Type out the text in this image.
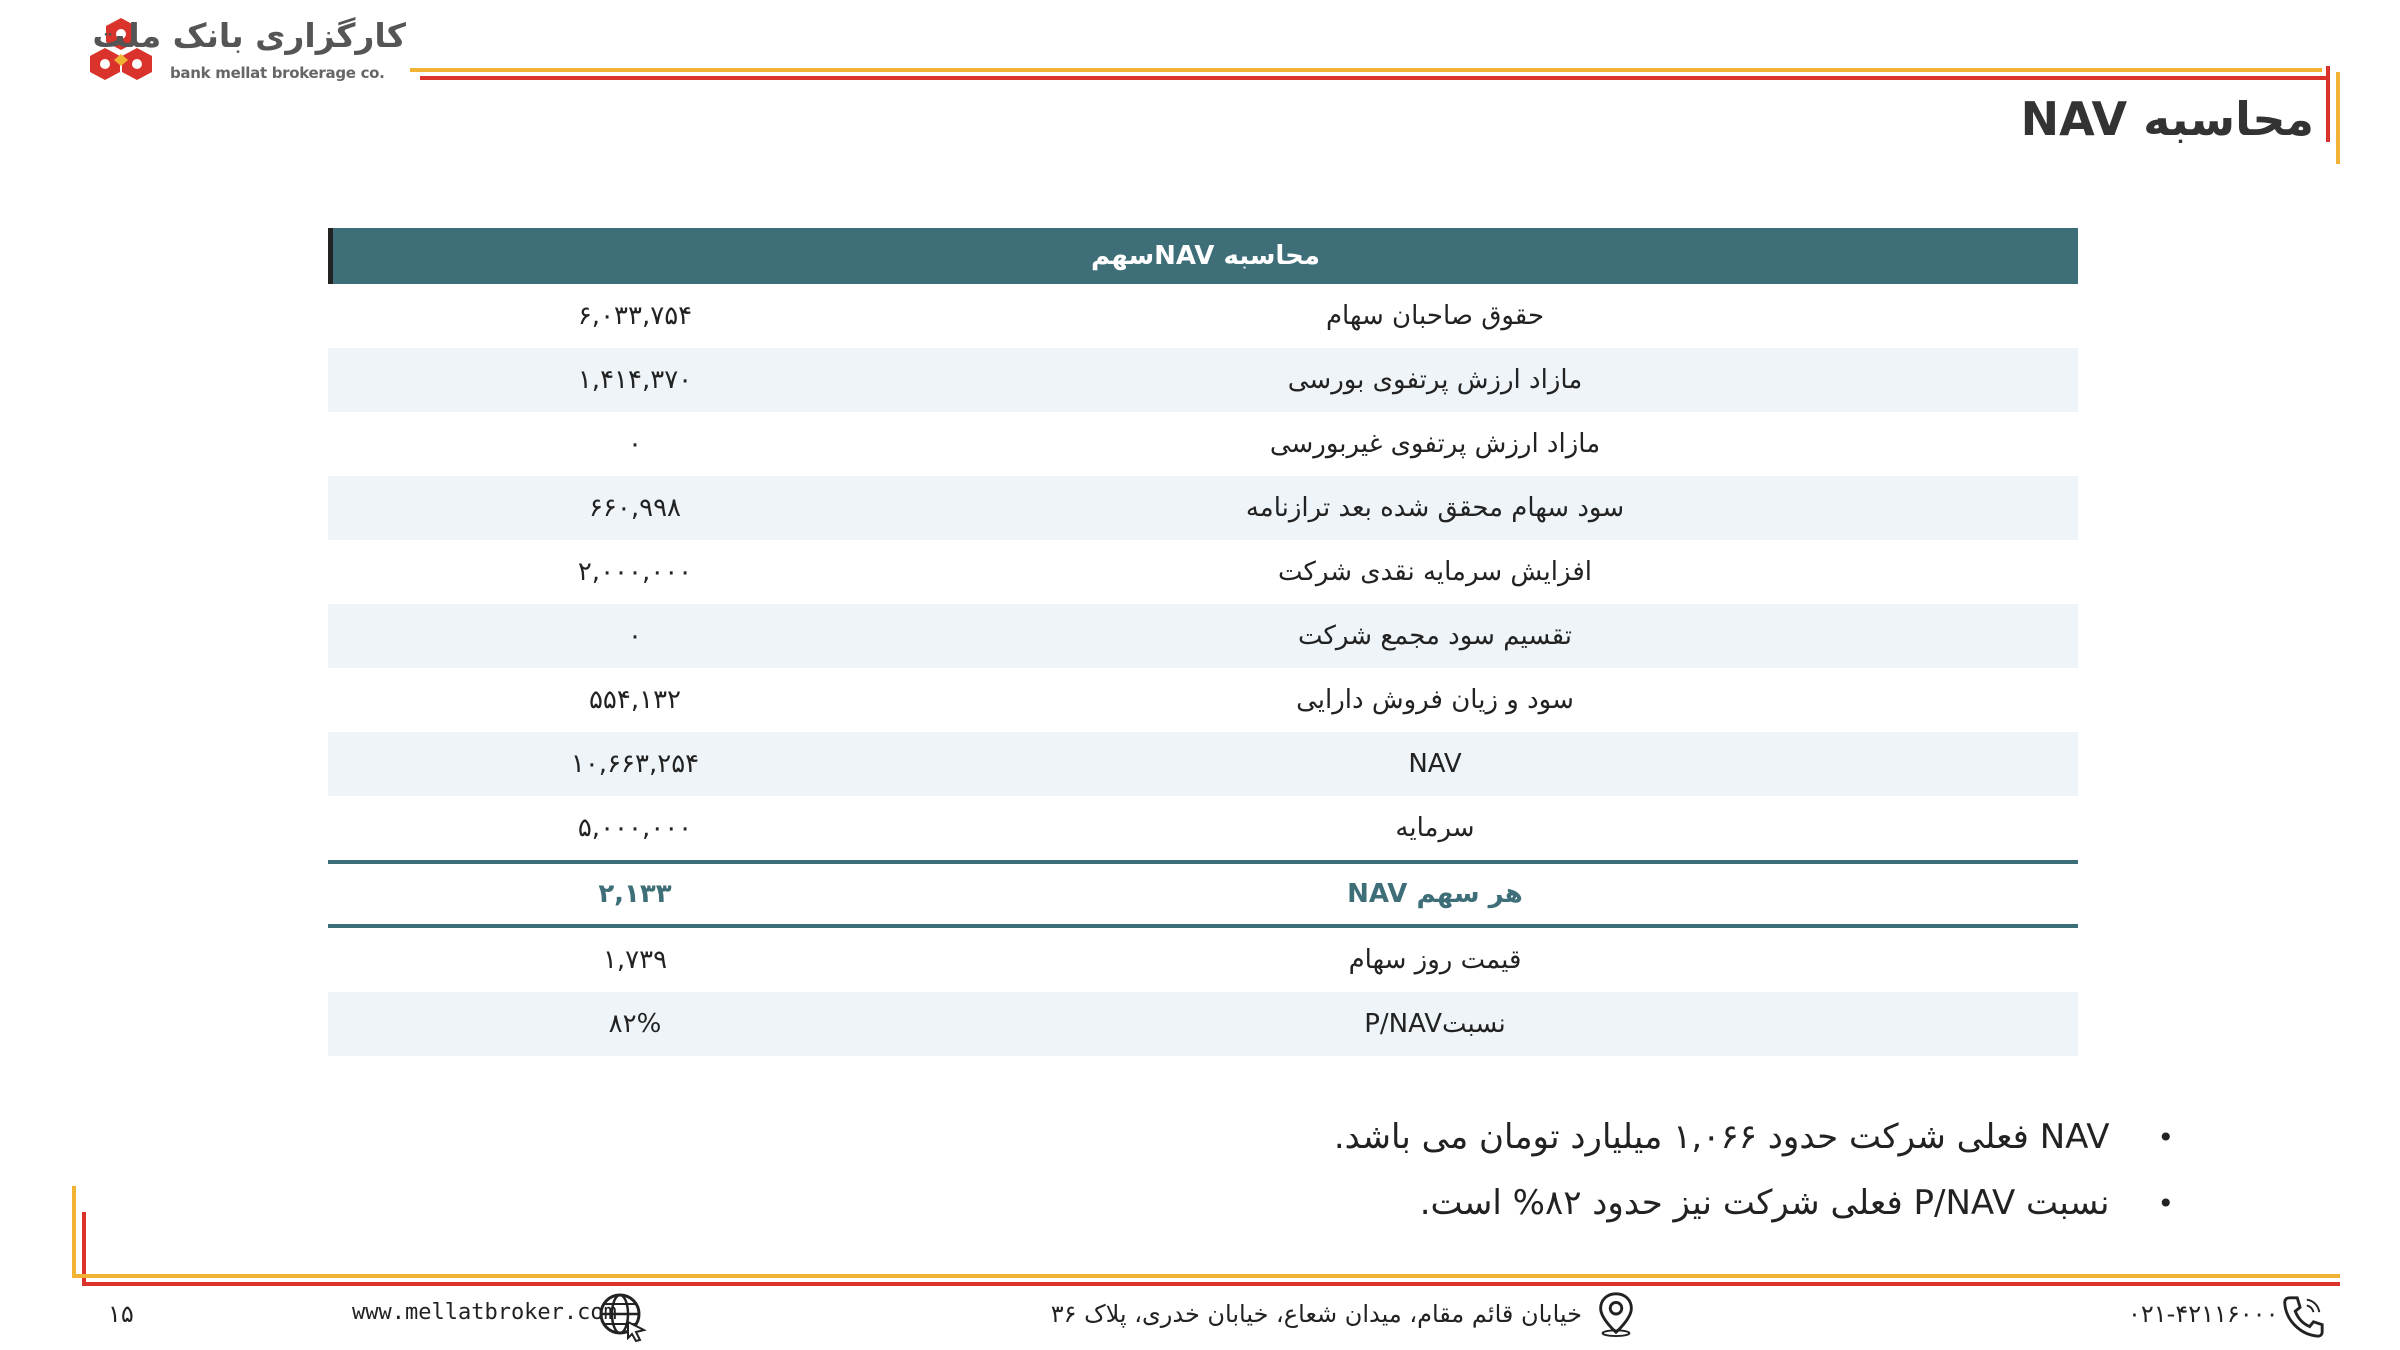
کارگزاری بانک ملت
bank mellat brokerage co.
محاسبه NAV
محاسبه NAVسهم
۶,۰۳۳,۷۵۴	حقوق صاحبان سهام
۱,۴۱۴,۳۷۰	مازاد ارزش پرتفوی بورسی
۰	مازاد ارزش پرتفوی غیربورسی
۶۶۰,۹۹۸	سود سهام محقق شده بعد ترازنامه
۲,۰۰۰,۰۰۰	افزایش سرمایه نقدی شرکت
۰	تقسیم سود مجمع شرکت
۵۵۴,۱۳۲	سود و زیان فروش دارایی
۱۰,۶۶۳,۲۵۴	NAV
۵,۰۰۰,۰۰۰	سرمایه
۲,۱۳۳	هر سهم NAV
۱,۷۳۹	قیمت روز سهام
۸۲%	نسبتP/NAV
•
NAV فعلی شرکت حدود ۱,۰۶۶ میلیارد تومان می باشد.
•
نسبت P/NAV فعلی شرکت نیز حدود ۸۲% است.
۱۵	www.mellatbroker.com	خیابان قائم مقام، میدان شعاع، خیابان خدری، پلاک ۳۶	۰۲۱-۴۲۱۱۶۰۰۰
